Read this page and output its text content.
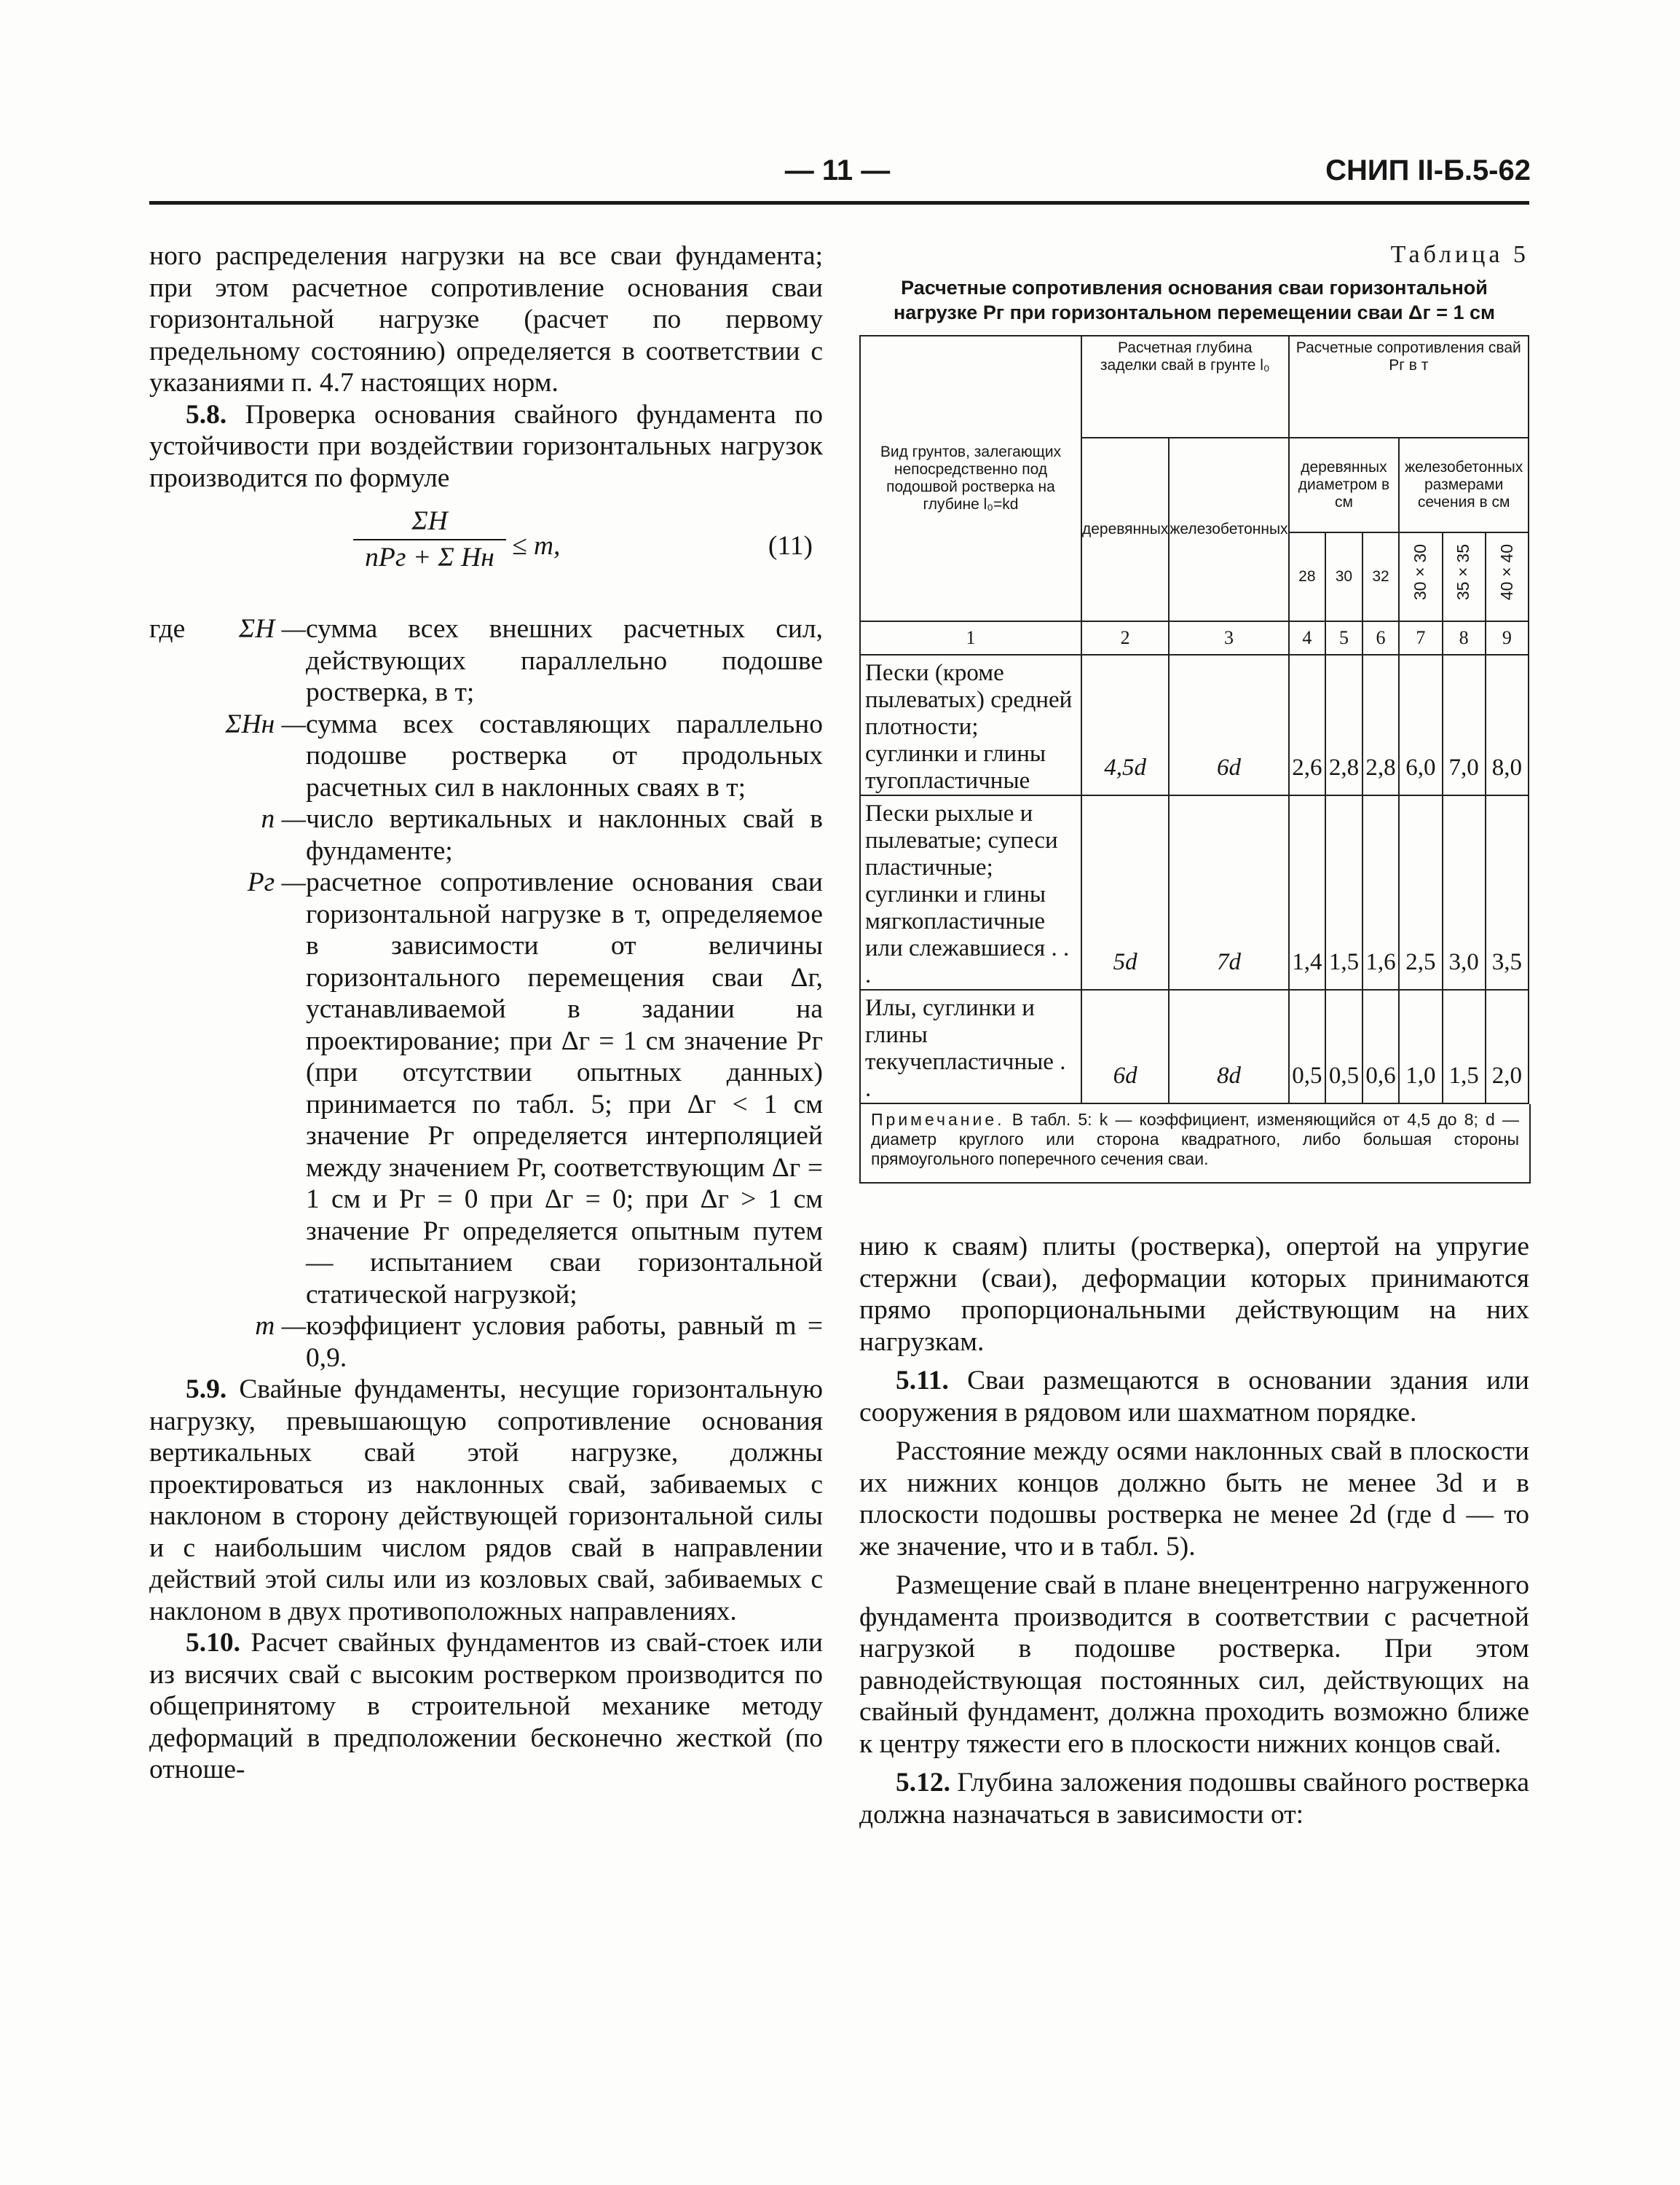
— 11 —	СНИП II-Б.5-62

ного распределения нагрузки на все сваи фундамента; при этом расчетное сопротивление основания сваи горизонтальной нагрузке (расчет по первому предельному состоянию) определяется в соответствии с указаниями п. 4.7 настоящих норм.

5.8. Проверка основания свайного фундамента по устойчивости при воздействии горизонтальных нагрузок производится по формуле

ΣH
nPг + Σ Hн ≤ m,	(11)
где ΣH — сумма всех внешних расчетных сил, действующих параллельно подошве ростверка, в т;
ΣHн — сумма всех составляющих параллельно подошве ростверка от продольных расчетных сил в наклонных сваях в т;
n — число вертикальных и наклонных свай в фундаменте;
Pг — расчетное сопротивление основания сваи горизонтальной нагрузке в т, определяемое в зависимости от величины горизонтального перемещения сваи Δг, устанавливаемой в задании на проектирование; при Δг = 1 см значение Pг (при отсутствии опытных данных) принимается по табл. 5; при Δг < 1 см значение Pг определяется интерполяцией между значением Pг, соответствующим Δг = 1 см и Pг = 0 при Δг = 0; при Δг > 1 см значение Pг определяется опытным путем — испытанием сваи горизонтальной статической нагрузкой;
m — коэффициент условия работы, равный m = 0,9.

5.9. Свайные фундаменты, несущие горизонтальную нагрузку, превышающую сопротивление основания вертикальных свай этой нагрузке, должны проектироваться из наклонных свай, забиваемых с наклоном в сторону действующей горизонтальной силы и с наибольшим числом рядов свай в направлении действий этой силы или из козловых свай, забиваемых с наклоном в двух противоположных направлениях.

5.10. Расчет свайных фундаментов из свай-стоек или из висячих свай с высоким ростверком производится по общепринятому в строительной механике методу деформаций в предположении бесконечно жесткой (по отноше-

Таблица 5
Расчетные сопротивления основания сваи горизонтальной нагрузке Pг при горизонтальном перемещении сваи Δг = 1 см
Вид грунтов, залегающих непосредственно под подошвой ростверка на глубине l₀=kd	Расчетная глубина заделки свай в грунте l₀		Расчетные сопротивления свай Pг в т					
	деревянных	железобетонных	деревянных диаметром в см			железобетонных размерами сечения в см		
			28	30	32	30×30	35×35	40×40
1	2	3	4	5	6	7	8	9
Пески (кроме пылеватых) средней плотности; суглинки и глины тугопластичные	4,5d	6d	2,6	2,8	2,8	6,0	7,0	8,0
Пески рыхлые и пылеватые; супеси пластичные; суглинки и глины мягкопластичные или слежавшиеся . . .	5d	7d	1,4	1,5	1,6	2,5	3,0	3,5
Илы, суглинки и глины текучепластичные . .	6d	8d	0,5	0,5	0,6	1,0	1,5	2,0
Примечание. В табл. 5: k — коэффициент, изменяющийся от 4,5 до 8; d — диаметр круглого или сторона квадратного, либо большая стороны прямоугольного поперечного сечения сваи.

нию к сваям) плиты (ростверка), опертой на упругие стержни (сваи), деформации которых принимаются прямо пропорциональными действующим на них нагрузкам.

5.11. Сваи размещаются в основании здания или сооружения в рядовом или шахматном порядке.

Расстояние между осями наклонных свай в плоскости их нижних концов должно быть не менее 3d и в плоскости подошвы ростверка не менее 2d (где d — то же значение, что и в табл. 5).

Размещение свай в плане внецентренно нагруженного фундамента производится в соответствии с расчетной нагрузкой в подошве ростверка. При этом равнодействующая постоянных сил, действующих на свайный фундамент, должна проходить возможно ближе к центру тяжести его в плоскости нижних концов свай.

5.12. Глубина заложения подошвы свайного ростверка должна назначаться в зависимости от:
